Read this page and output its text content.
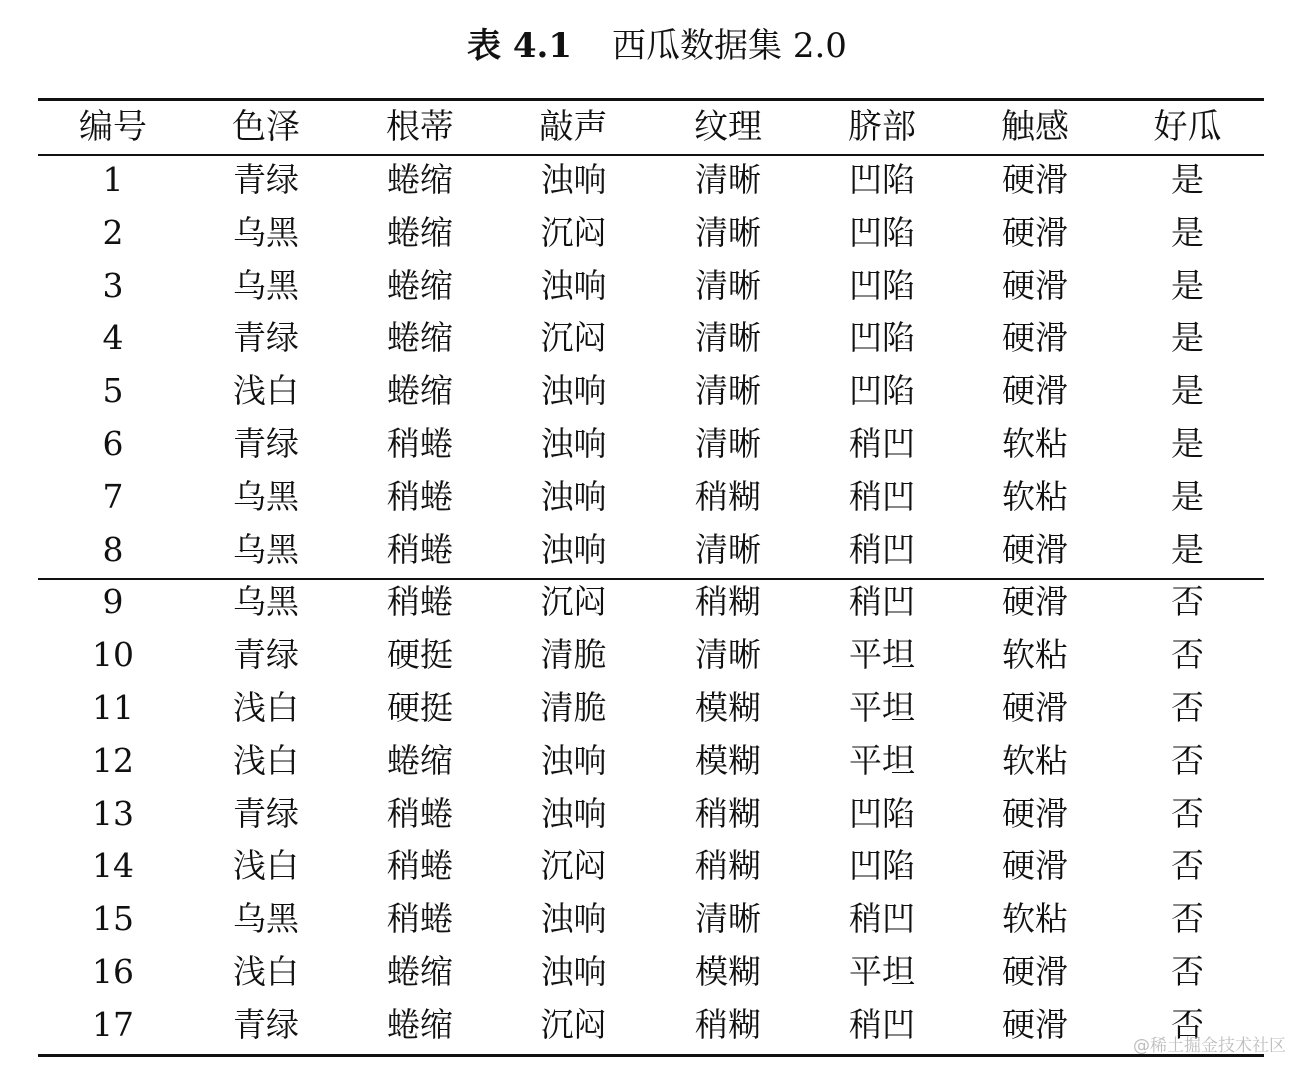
表 4.1 西瓜数据集 2.0
编号	色泽	根蒂	敲声	纹理	脐部	触感	好瓜
1	青绿	蜷缩	浊响	清晰	凹陷	硬滑	是
2	乌黑	蜷缩	沉闷	清晰	凹陷	硬滑	是
3	乌黑	蜷缩	浊响	清晰	凹陷	硬滑	是
4	青绿	蜷缩	沉闷	清晰	凹陷	硬滑	是
5	浅白	蜷缩	浊响	清晰	凹陷	硬滑	是
6	青绿	稍蜷	浊响	清晰	稍凹	软粘	是
7	乌黑	稍蜷	浊响	稍糊	稍凹	软粘	是
8	乌黑	稍蜷	浊响	清晰	稍凹	硬滑	是
9	乌黑	稍蜷	沉闷	稍糊	稍凹	硬滑	否
10	青绿	硬挺	清脆	清晰	平坦	软粘	否
11	浅白	硬挺	清脆	模糊	平坦	硬滑	否
12	浅白	蜷缩	浊响	模糊	平坦	软粘	否
13	青绿	稍蜷	浊响	稍糊	凹陷	硬滑	否
14	浅白	稍蜷	沉闷	稍糊	凹陷	硬滑	否
15	乌黑	稍蜷	浊响	清晰	稍凹	软粘	否
16	浅白	蜷缩	浊响	模糊	平坦	硬滑	否
17	青绿	蜷缩	沉闷	稍糊	稍凹	硬滑	否
@稀土掘金技术社区
